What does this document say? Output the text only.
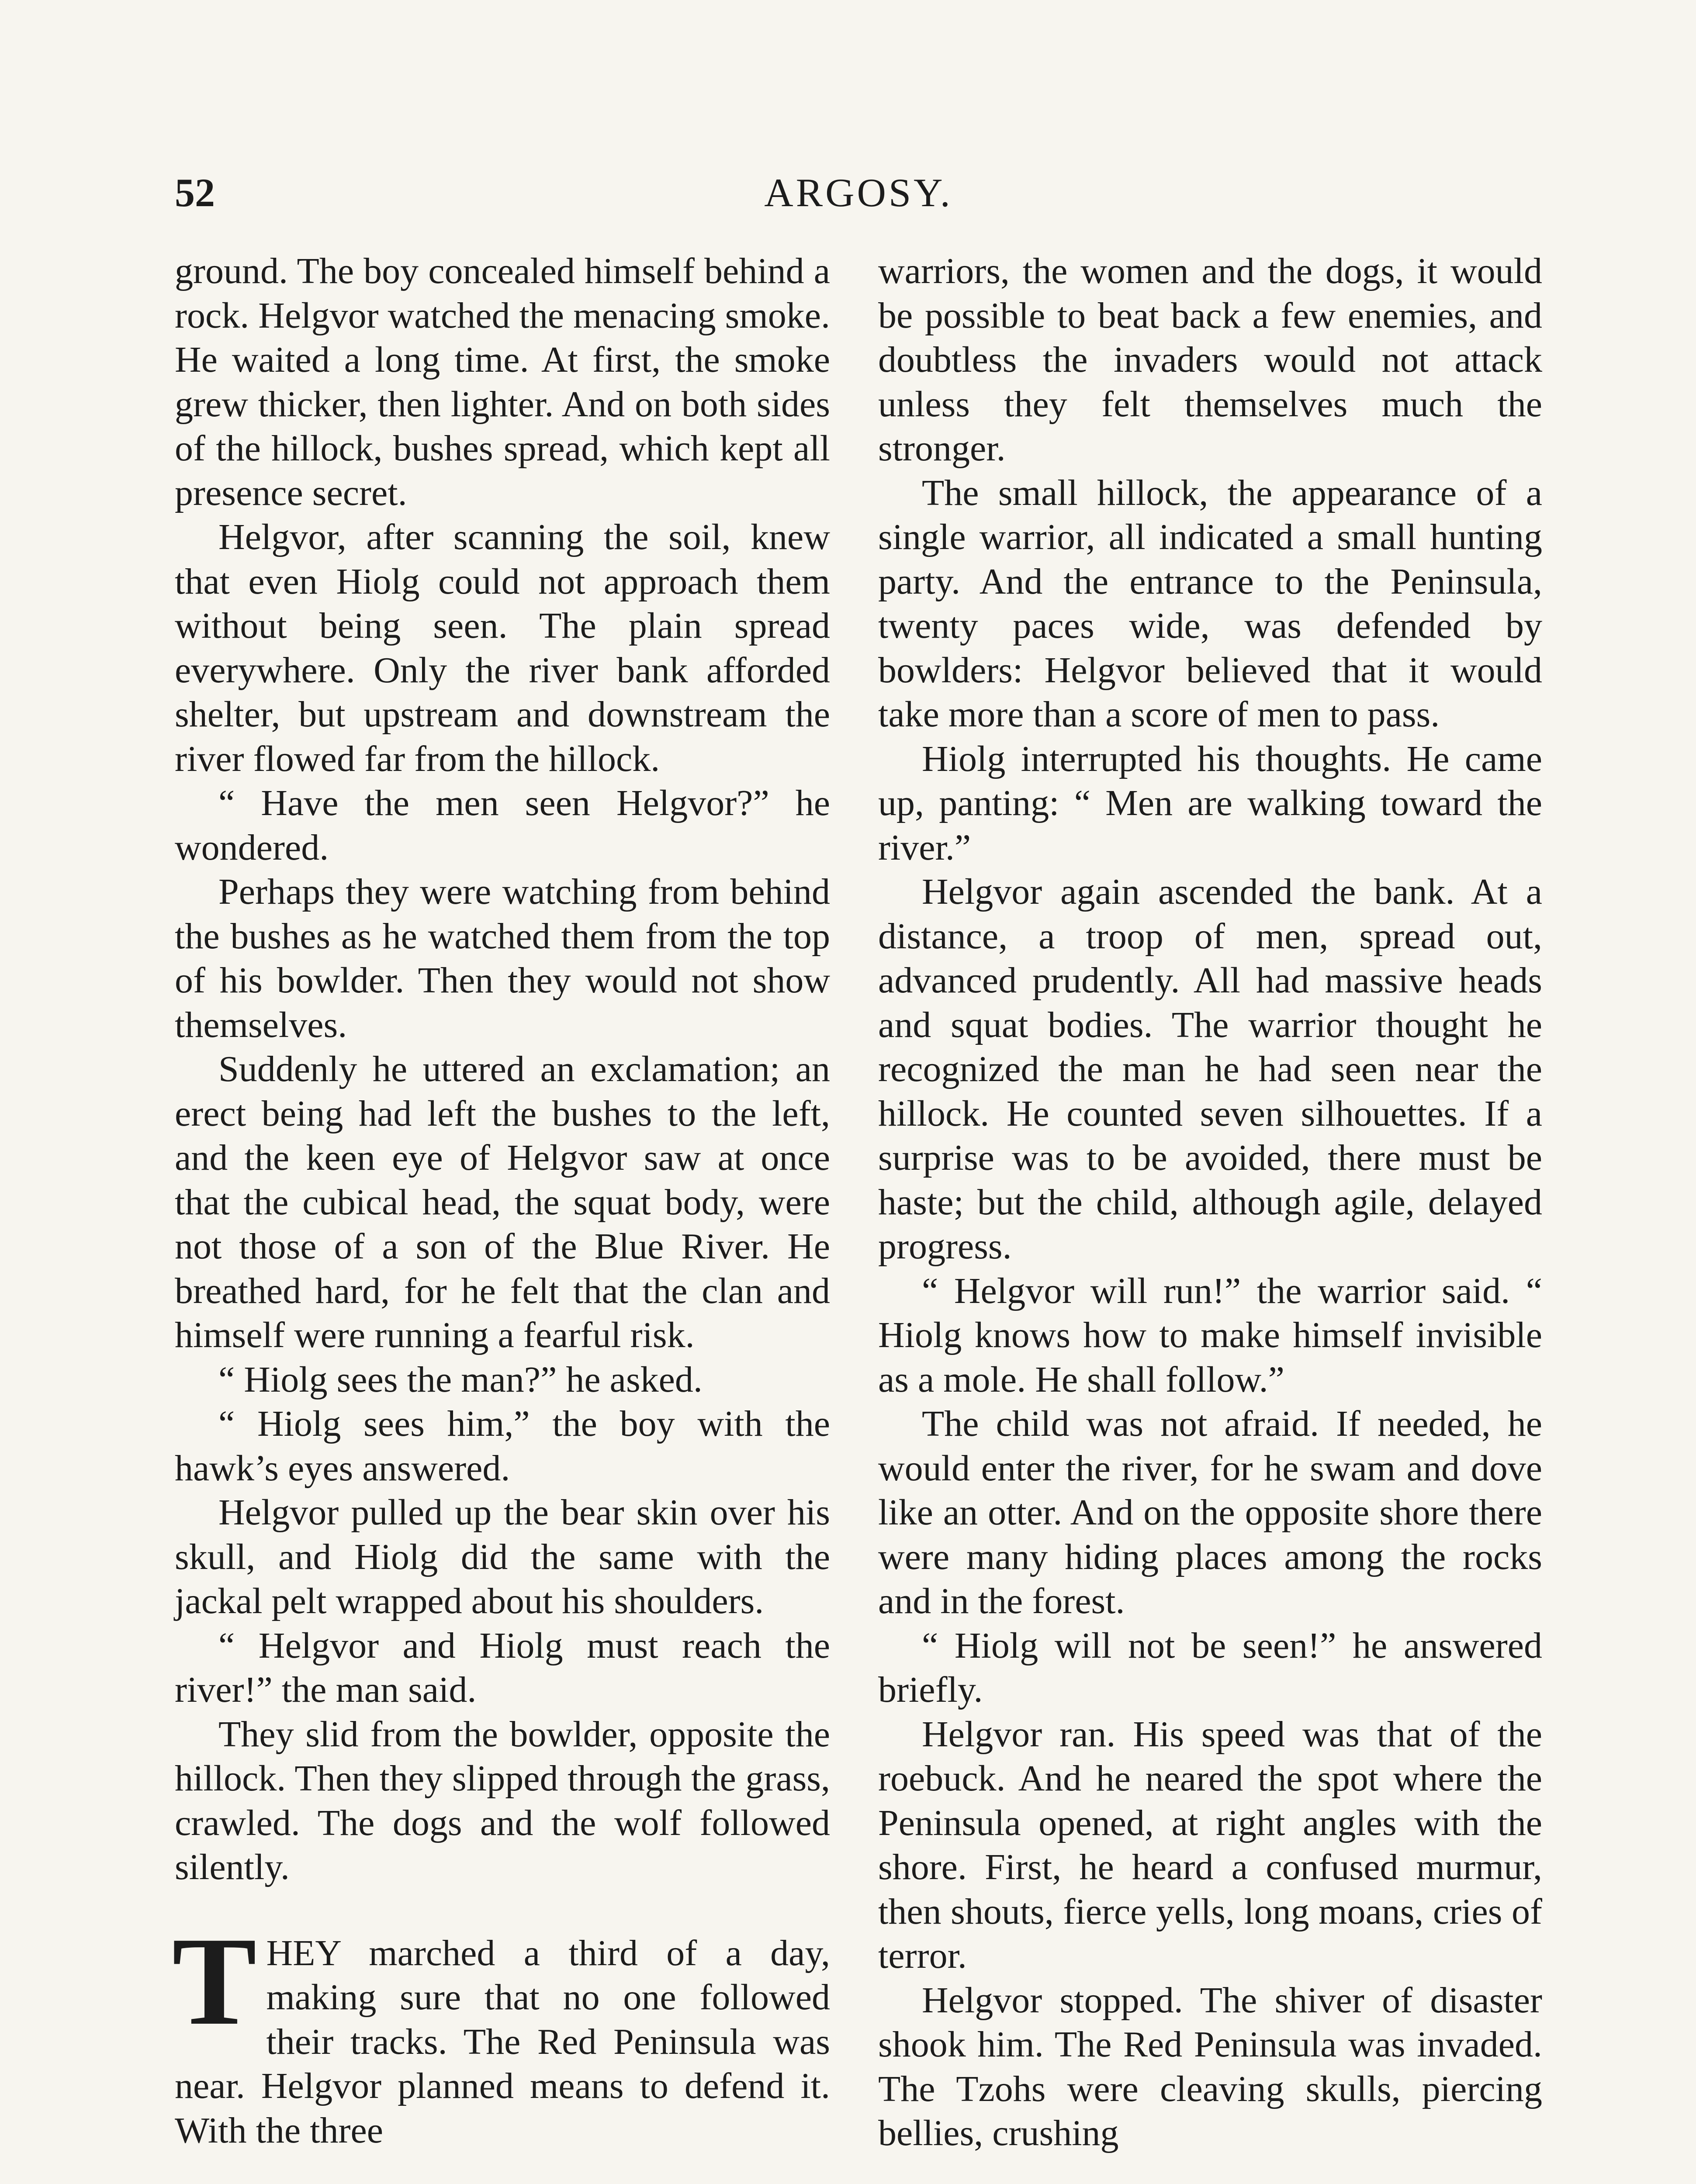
52	ARGOSY.

ground. The boy concealed himself behind a rock. Helgvor watched the menacing smoke. He waited a long time. At first, the smoke grew thicker, then lighter. And on both sides of the hillock, bushes spread, which kept all presence secret.

Helgvor, after scanning the soil, knew that even Hiolg could not approach them without being seen. The plain spread everywhere. Only the river bank afforded shelter, but upstream and downstream the river flowed far from the hillock.

“ Have the men seen Helgvor?” he wondered.

Perhaps they were watching from behind the bushes as he watched them from the top of his bowlder. Then they would not show themselves.

Suddenly he uttered an exclamation; an erect being had left the bushes to the left, and the keen eye of Helgvor saw at once that the cubical head, the squat body, were not those of a son of the Blue River. He breathed hard, for he felt that the clan and himself were running a fearful risk.

“ Hiolg sees the man?” he asked.

“ Hiolg sees him,” the boy with the hawk’s eyes answered.

Helgvor pulled up the bear skin over his skull, and Hiolg did the same with the jackal pelt wrapped about his shoulders.

“ Helgvor and Hiolg must reach the river!” the man said.

They slid from the bowlder, opposite the hillock. Then they slipped through the grass, crawled. The dogs and the wolf followed silently.

THEY marched a third of a day, making sure that no one followed their tracks. The Red Peninsula was near. Helgvor planned means to defend it. With the three

warriors, the women and the dogs, it would be possible to beat back a few enemies, and doubtless the invaders would not attack unless they felt themselves much the stronger.

The small hillock, the appearance of a single warrior, all indicated a small hunting party. And the entrance to the Peninsula, twenty paces wide, was defended by bowlders: Helgvor believed that it would take more than a score of men to pass.

Hiolg interrupted his thoughts. He came up, panting: “ Men are walking toward the river.”

Helgvor again ascended the bank. At a distance, a troop of men, spread out, advanced prudently. All had massive heads and squat bodies. The warrior thought he recognized the man he had seen near the hillock. He counted seven silhouettes. If a surprise was to be avoided, there must be haste; but the child, although agile, delayed progress.

“ Helgvor will run!” the warrior said. “ Hiolg knows how to make himself invisible as a mole. He shall follow.”

The child was not afraid. If needed, he would enter the river, for he swam and dove like an otter. And on the opposite shore there were many hiding places among the rocks and in the forest.

“ Hiolg will not be seen!” he answered briefly.

Helgvor ran. His speed was that of the roebuck. And he neared the spot where the Peninsula opened, at right angles with the shore. First, he heard a confused murmur, then shouts, fierce yells, long moans, cries of terror.

Helgvor stopped. The shiver of disaster shook him. The Red Peninsula was invaded. The Tzohs were cleaving skulls, piercing bellies, crushing
